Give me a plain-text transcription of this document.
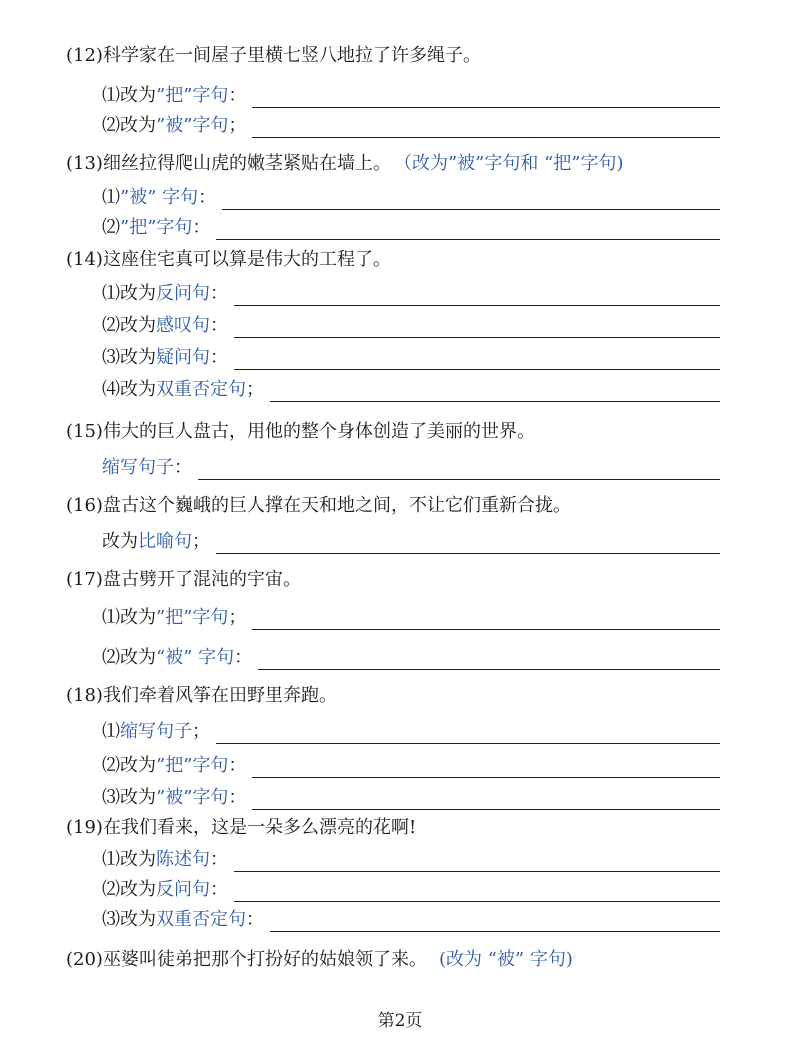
(12)科学家在一间屋子里横七竖八地拉了许多绳子。
⑴改为 ”把”字句 ：
⑵改为 ”被”字句 ；
(13)细丝拉得爬山虎的嫩茎紧贴在墙上。 （改为”被”字句和 “把”字句)
⑴ ”被” 字句 ：
⑵ ”把”字句 ：
(14)这座住宅真可以算是伟大的工程了。
⑴改为 反问句 ：
⑵改为 感叹句 ：
⑶改为 疑问句 ：
⑷改为 双重否定句 ；
(15)伟大的巨人盘古，用他的整个身体创造了美丽的世界。
缩写句子 ：
(16)盘古这个巍峨的巨人撑在天和地之间，不让它们重新合拢。
改为 比喻句 ；
(17)盘古劈开了混沌的宇宙。
⑴改为 ”把”字句 ；
⑵改为 “被” 字句 ：
(18)我们牵着风筝在田野里奔跑。
⑴ 缩写句子 ；
⑵改为 ”把”字句 ：
⑶改为 ”被”字句 ：
(19)在我们看来，这是一朵多么漂亮的花啊!
⑴改为 陈述句 ：
⑵改为 反问句 ：
⑶改为 双重否定句 ：
(20)巫婆叫徒弟把那个打扮好的姑娘领了来。 (改为 “被” 字句)
第2页
